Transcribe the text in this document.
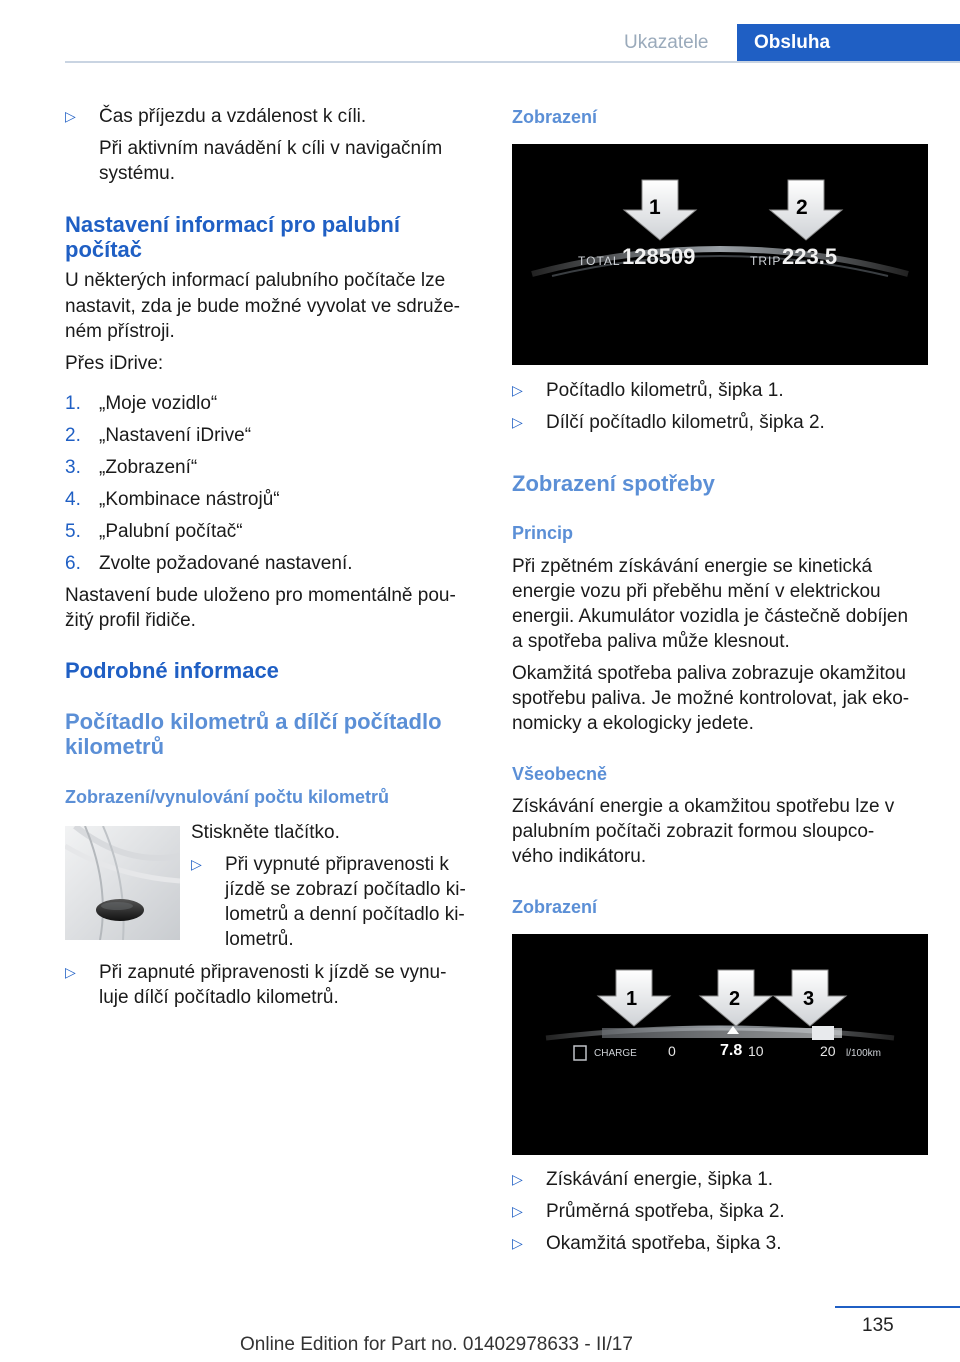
Ukazatele	Obsluha
▷ Čas příjezdu a vzdálenost k cíli.
Při aktivním navádění k cíli v navigačním
systému.
Nastavení informací pro palubní
počítač
U některých informací palubního počítače lze
nastavit, zda je bude možné vyvolat ve sdruže‐
ném přístroji.
Přes iDrive:
1. „Moje vozidlo“
2. „Nastavení iDrive“
3. „Zobrazení“
4. „Kombinace nástrojů“
5. „Palubní počítač“
6. Zvolte požadované nastavení.
Nastavení bude uloženo pro momentálně pou‐
žitý profil řidiče.
Podrobné informace
Počítadlo kilometrů a dílčí počítadlo
kilometrů
Zobrazení/vynulování počtu kilometrů
Stiskněte tlačítko.
▷ Při vypnuté připravenosti k
jízdě se zobrazí počítadlo ki‐
lometrů a denní počítadlo ki‐
lometrů.
▷ Při zapnuté připravenosti k jízdě se vynu‐
luje dílčí počítadlo kilometrů.
Zobrazení
1	2
TOTAL 128509	TRIP 223.5
▷ Počítadlo kilometrů, šipka 1.
▷ Dílčí počítadlo kilometrů, šipka 2.
Zobrazení spotřeby
Princip
Při zpětném získávání energie se kinetická
energie vozu při přeběhu mění v elektrickou
energii. Akumulátor vozidla je částečně dobíjen
a spotřeba paliva může klesnout.
Okamžitá spotřeba paliva zobrazuje okamžitou
spotřebu paliva. Je možné kontrolovat, jak eko‐
nomicky a ekologicky jedete.
Všeobecně
Získávání energie a okamžitou spotřebu lze v
palubním počítači zobrazit formou sloupco‐
vého indikátoru.
Zobrazení
1	2	3
CHARGE 0	7.8 10	20 l/100km
▷ Získávání energie, šipka 1.
▷ Průměrná spotřeba, šipka 2.
▷ Okamžitá spotřeba, šipka 3.
135
Online Edition for Part no. 01402978633 - II/17
